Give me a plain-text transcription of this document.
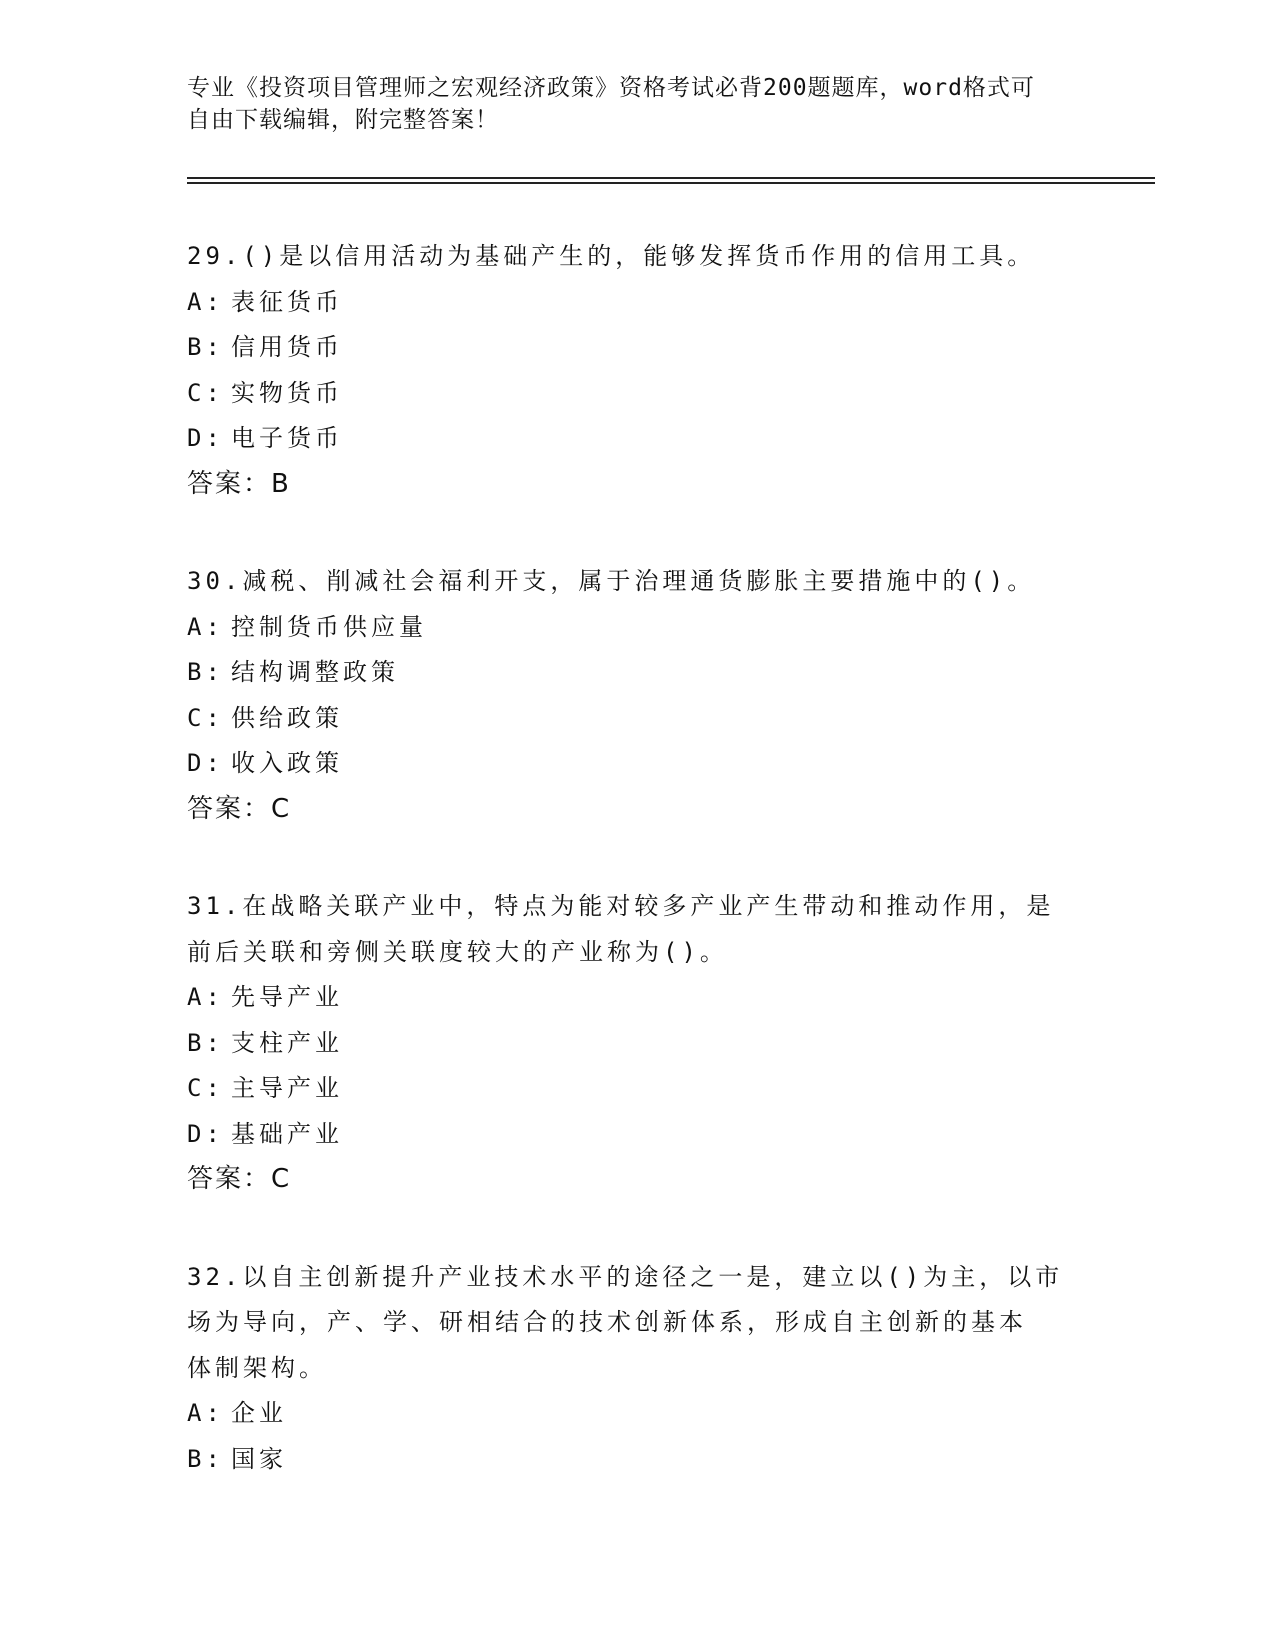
专业《投资项目管理师之宏观经济政策》资格考试必背200题题库，word格式可
自由下载编辑，附完整答案！
29.()是以信用活动为基础产生的，能够发挥货币作用的信用工具。
A: 表征货币
B: 信用货币
C: 实物货币
D: 电子货币
答案：B
30.减税、削减社会福利开支，属于治理通货膨胀主要措施中的()。
A: 控制货币供应量
B: 结构调整政策
C: 供给政策
D: 收入政策
答案：C
31.在战略关联产业中，特点为能对较多产业产生带动和推动作用，是
前后关联和旁侧关联度较大的产业称为()。
A: 先导产业
B: 支柱产业
C: 主导产业
D: 基础产业
答案：C
32.以自主创新提升产业技术水平的途径之一是，建立以()为主，以市
场为导向，产、学、研相结合的技术创新体系，形成自主创新的基本
体制架构。
A: 企业
B: 国家
